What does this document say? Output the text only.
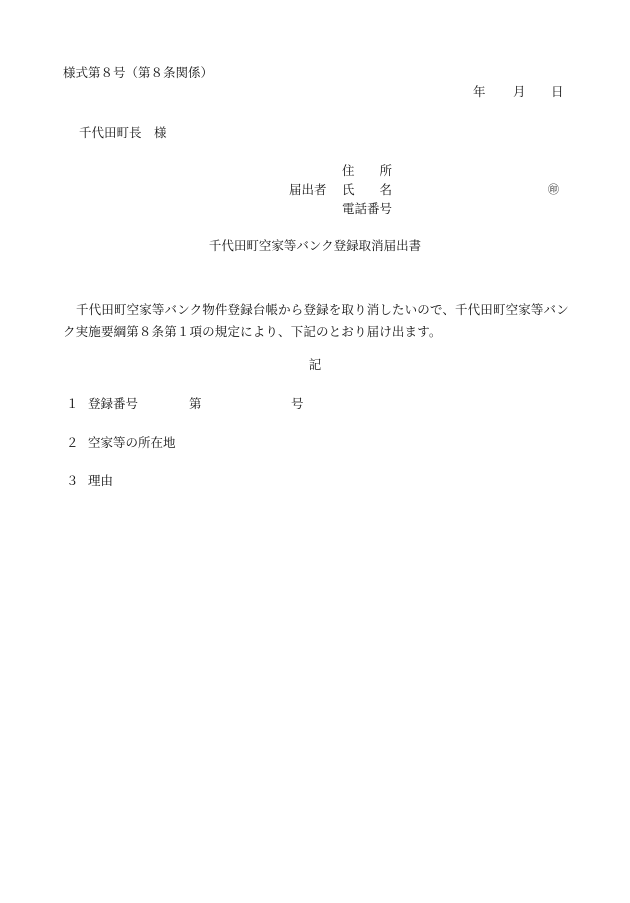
様式第８号（第８条関係）
年 月 日
千代田町長　様
住　　所
届出者 氏　　名	㊞
電話番号
千代田町空家等バンク登録取消届出書
千代田町空家等バンク物件登録台帳から登録を取り消したいので、千代田町空家等バンク実施要綱第８条第１項の規定により、下記のとおり届け出ます。
記
１ 登録番号	第	号
２ 空家等の所在地
３ 理由
